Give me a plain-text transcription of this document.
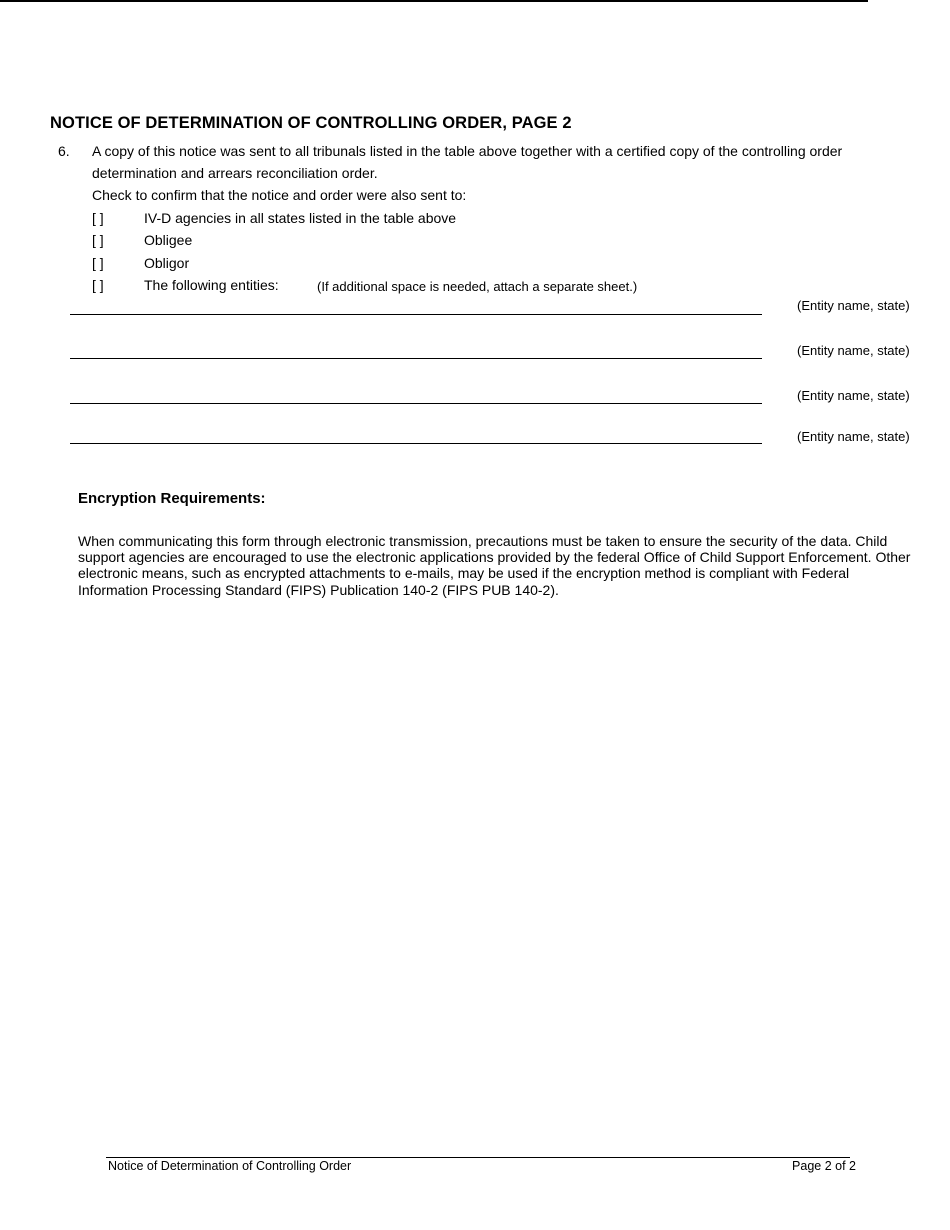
NOTICE OF DETERMINATION OF CONTROLLING ORDER, PAGE 2
6. A copy of this notice was sent to all tribunals listed in the table above together with a certified copy of the controlling order
determination and arrears reconciliation order.
Check to confirm that the notice and order were also sent to:
[ ]	IV-D agencies in all states listed in the table above
[ ]	Obligee
[ ]	Obligor
[ ]	The following entities:	(If additional space is needed, attach a separate sheet.)
(Entity name, state)
(Entity name, state)
(Entity name, state)
(Entity name, state)
Encryption Requirements:
When communicating this form through electronic transmission, precautions must be taken to ensure the security of the data. Child support agencies are encouraged to use the electronic applications provided by the federal Office of Child Support Enforcement. Other electronic means, such as encrypted attachments to e-mails, may be used if the encryption method is compliant with Federal Information Processing Standard (FIPS) Publication 140-2 (FIPS PUB 140-2).
Notice of Determination of Controlling Order	Page 2 of 2
